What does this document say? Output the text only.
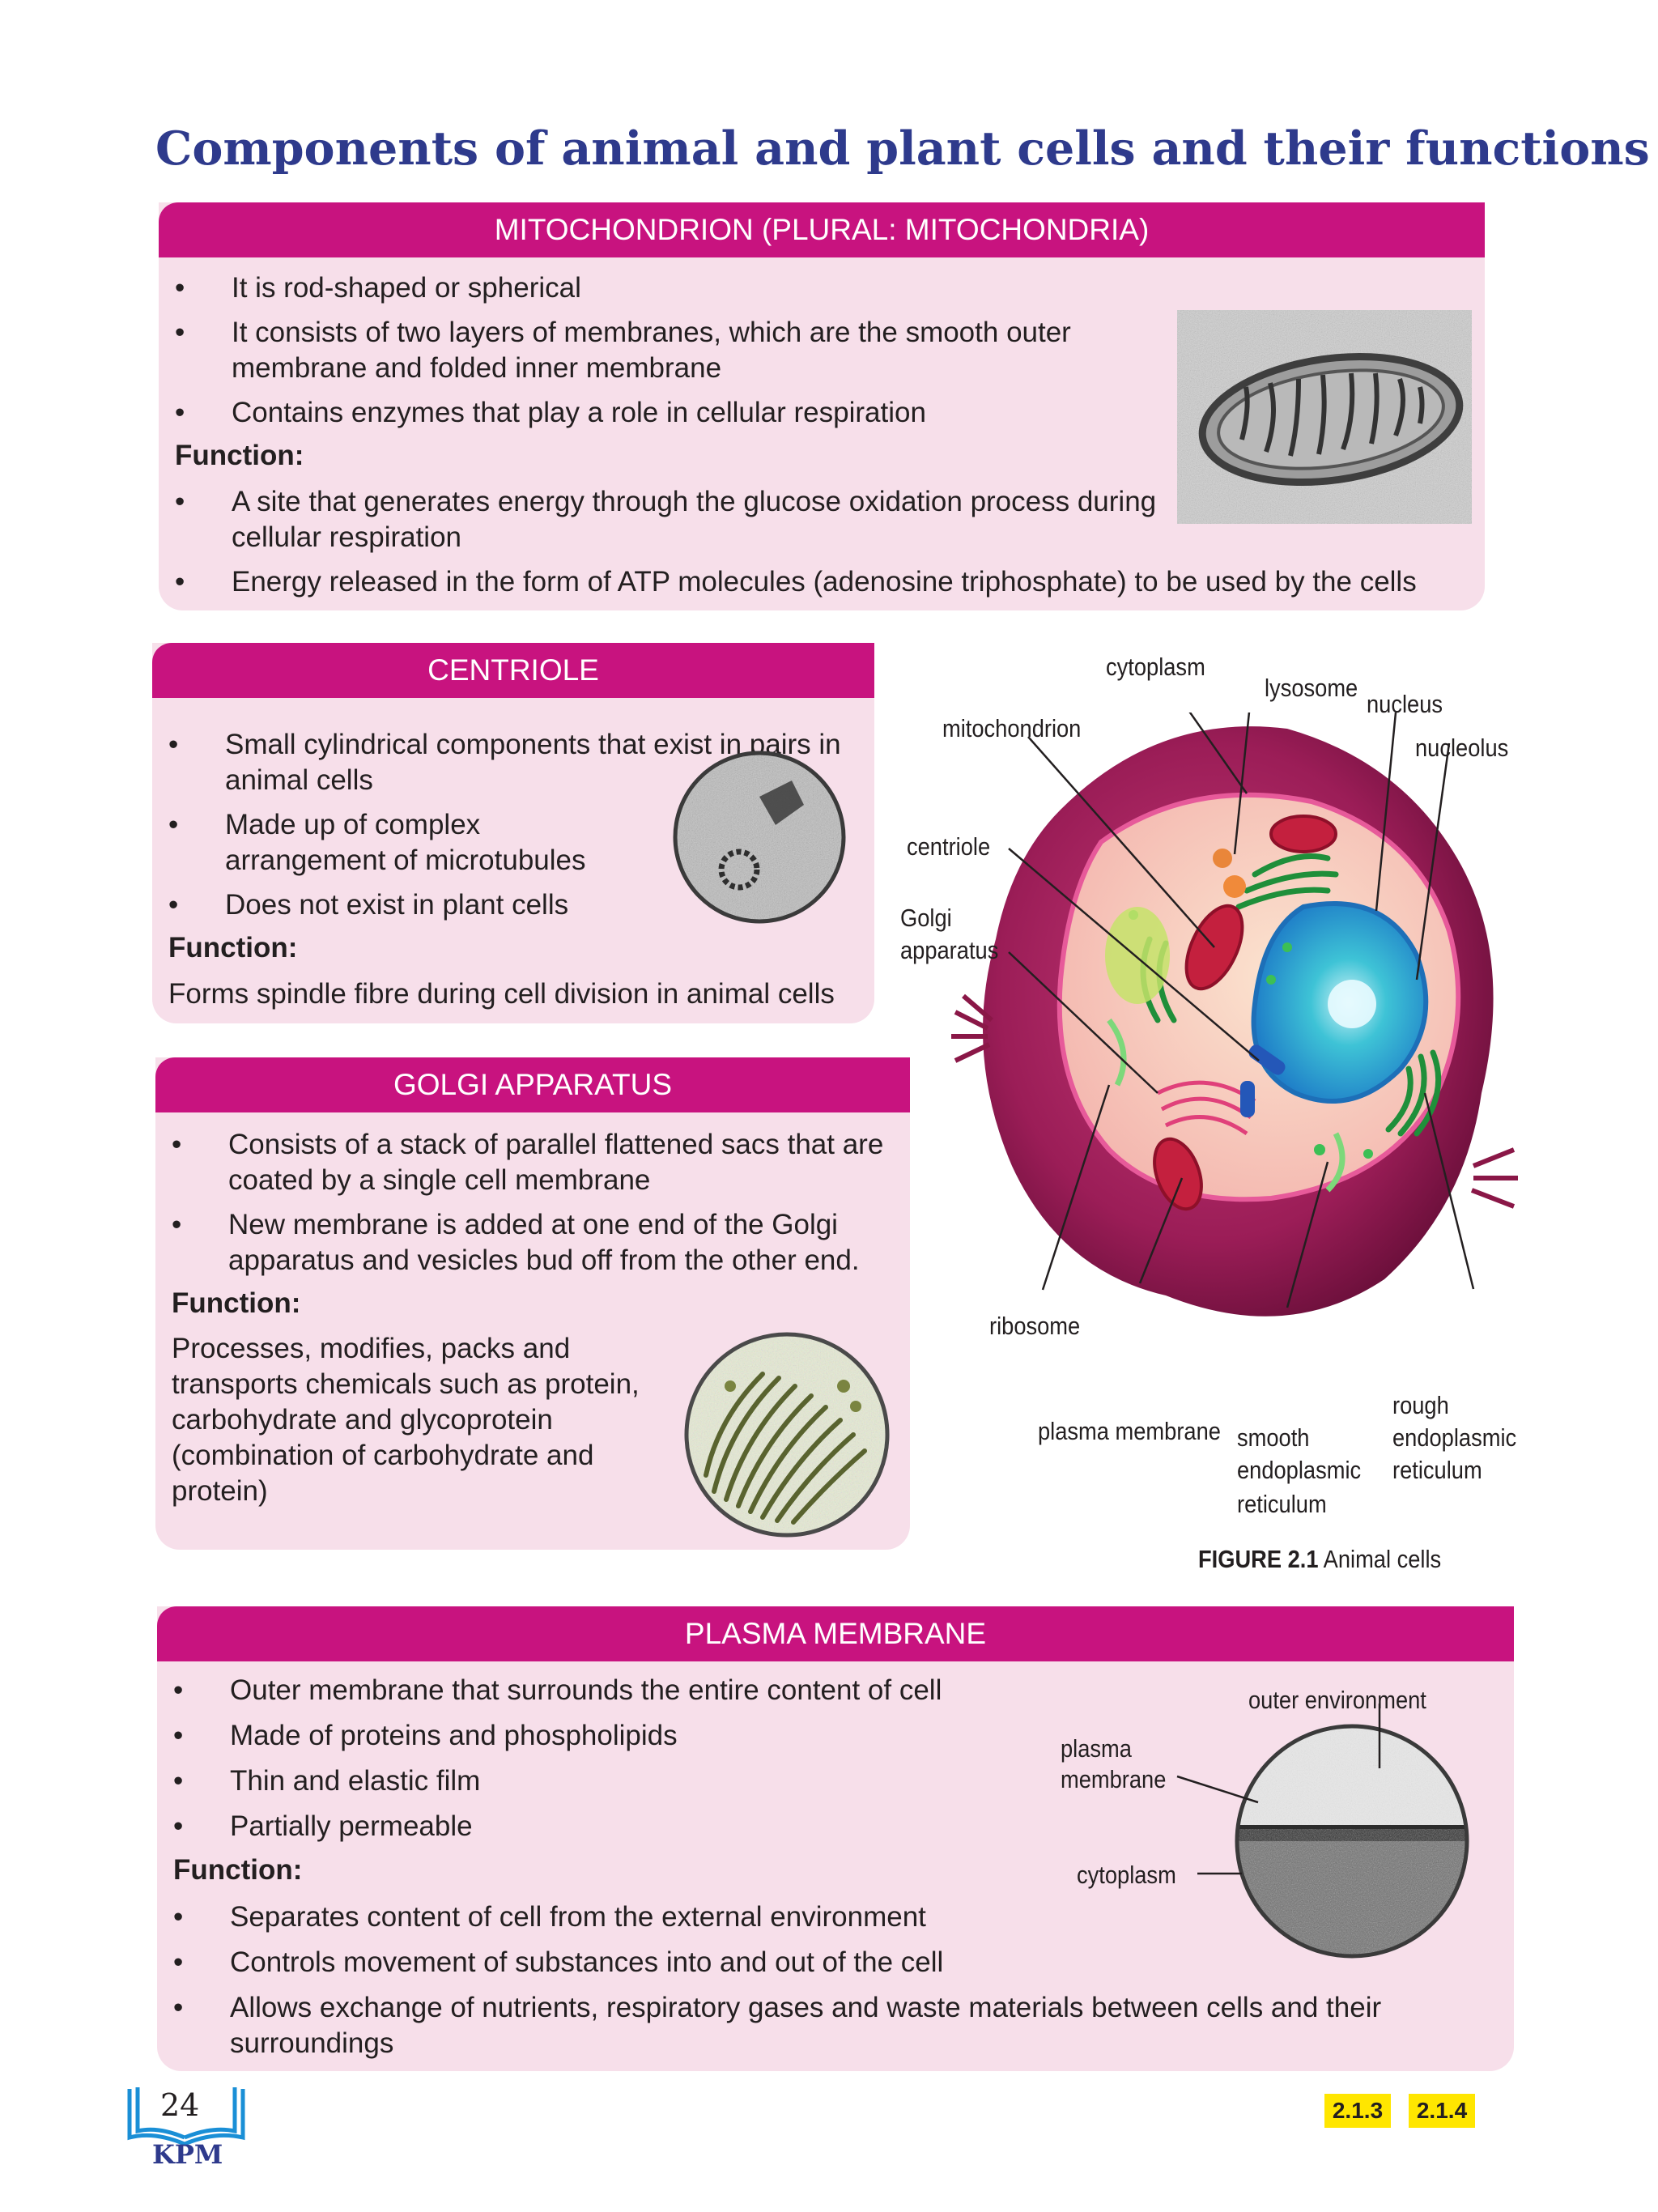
Components of animal and plant cells and their functions
MITOCHONDRION (PLURAL: MITOCHONDRIA)
• It is rod-shaped or spherical
• It consists of two layers of membranes, which are the smooth outer
membrane and folded inner membrane
• Contains enzymes that play a role in cellular respiration
Function:
• A site that generates energy through the glucose oxidation process during
cellular respiration
• Energy released in the form of ATP molecules (adenosine triphosphate) to be used by the cells
CENTRIOLE
• Small cylindrical components that exist in pairs in
animal cells
• Made up of complex
arrangement of microtubules
• Does not exist in plant cells
Function:
Forms spindle fibre during cell division in animal cells
GOLGI APPARATUS
• Consists of a stack of parallel flattened sacs that are
coated by a single cell membrane
• New membrane is added at one end of the Golgi
apparatus and vesicles bud off from the other end.
Function:
Processes, modifies, packs and
transports chemicals such as protein,
carbohydrate and glycoprotein
(combination of carbohydrate and
protein)
cytoplasm
lysosome
nucleus
mitochondrion
nucleolus
centriole
Golgi
apparatus
ribosome
plasma membrane smooth
endoplasmic
reticulum
rough
endoplasmic
reticulum
FIGURE 2.1 Animal cells
PLASMA MEMBRANE
• Outer membrane that surrounds the entire content of cell
• Made of proteins and phospholipids
• Thin and elastic film
• Partially permeable
Function:
• Separates content of cell from the external environment
• Controls movement of substances into and out of the cell
• Allows exchange of nutrients, respiratory gases and waste materials between cells and their
surroundings
outer environment
plasma
membrane
cytoplasm
24
KPM
2.1.3	2.1.4
